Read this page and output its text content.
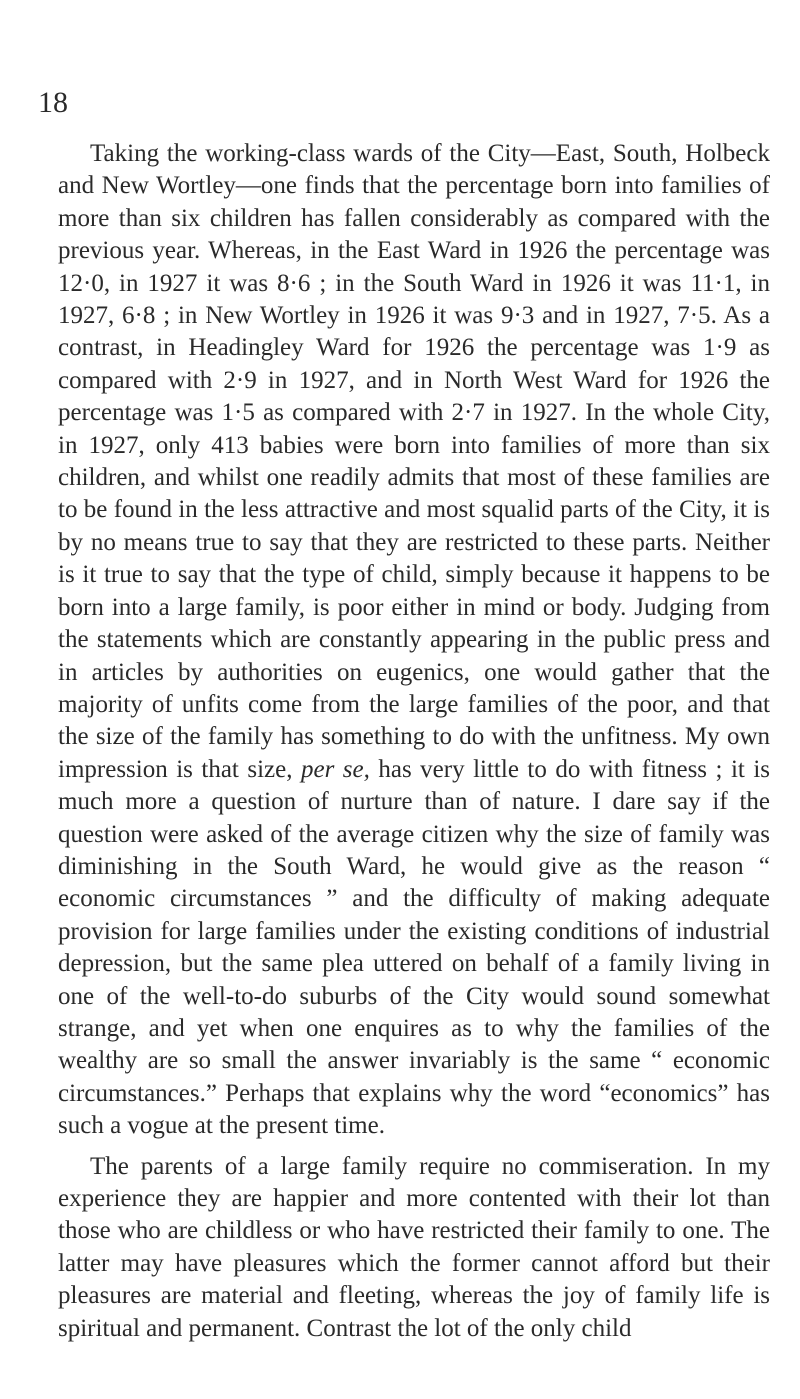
18

Taking the working-class wards of the City—East, South, Holbeck and New Wortley—one finds that the percentage born into families of more than six children has fallen considerably as compared with the previous year. Whereas, in the East Ward in 1926 the percentage was 12·0, in 1927 it was 8·6 ; in the South Ward in 1926 it was 11·1, in 1927, 6·8 ; in New Wortley in 1926 it was 9·3 and in 1927, 7·5. As a contrast, in Headingley Ward for 1926 the percentage was 1·9 as compared with 2·9 in 1927, and in North West Ward for 1926 the percentage was 1·5 as compared with 2·7 in 1927. In the whole City, in 1927, only 413 babies were born into families of more than six children, and whilst one readily admits that most of these families are to be found in the less attractive and most squalid parts of the City, it is by no means true to say that they are restricted to these parts. Neither is it true to say that the type of child, simply because it happens to be born into a large family, is poor either in mind or body. Judging from the statements which are constantly appearing in the public press and in articles by authorities on eugenics, one would gather that the majority of unfits come from the large families of the poor, and that the size of the family has something to do with the unfitness. My own impression is that size, per se, has very little to do with fitness ; it is much more a question of nurture than of nature. I dare say if the question were asked of the average citizen why the size of family was diminishing in the South Ward, he would give as the reason “ economic circumstances ” and the difficulty of making adequate provision for large families under the existing conditions of industrial depression, but the same plea uttered on behalf of a family living in one of the well-to-do suburbs of the City would sound somewhat strange, and yet when one enquires as to why the families of the wealthy are so small the answer invariably is the same “ economic circumstances.” Perhaps that explains why the word “economics” has such a vogue at the present time.

The parents of a large family require no commiseration. In my experience they are happier and more contented with their lot than those who are childless or who have restricted their family to one. The latter may have pleasures which the former cannot afford but their pleasures are material and fleeting, whereas the joy of family life is spiritual and permanent. Contrast the lot of the only child
